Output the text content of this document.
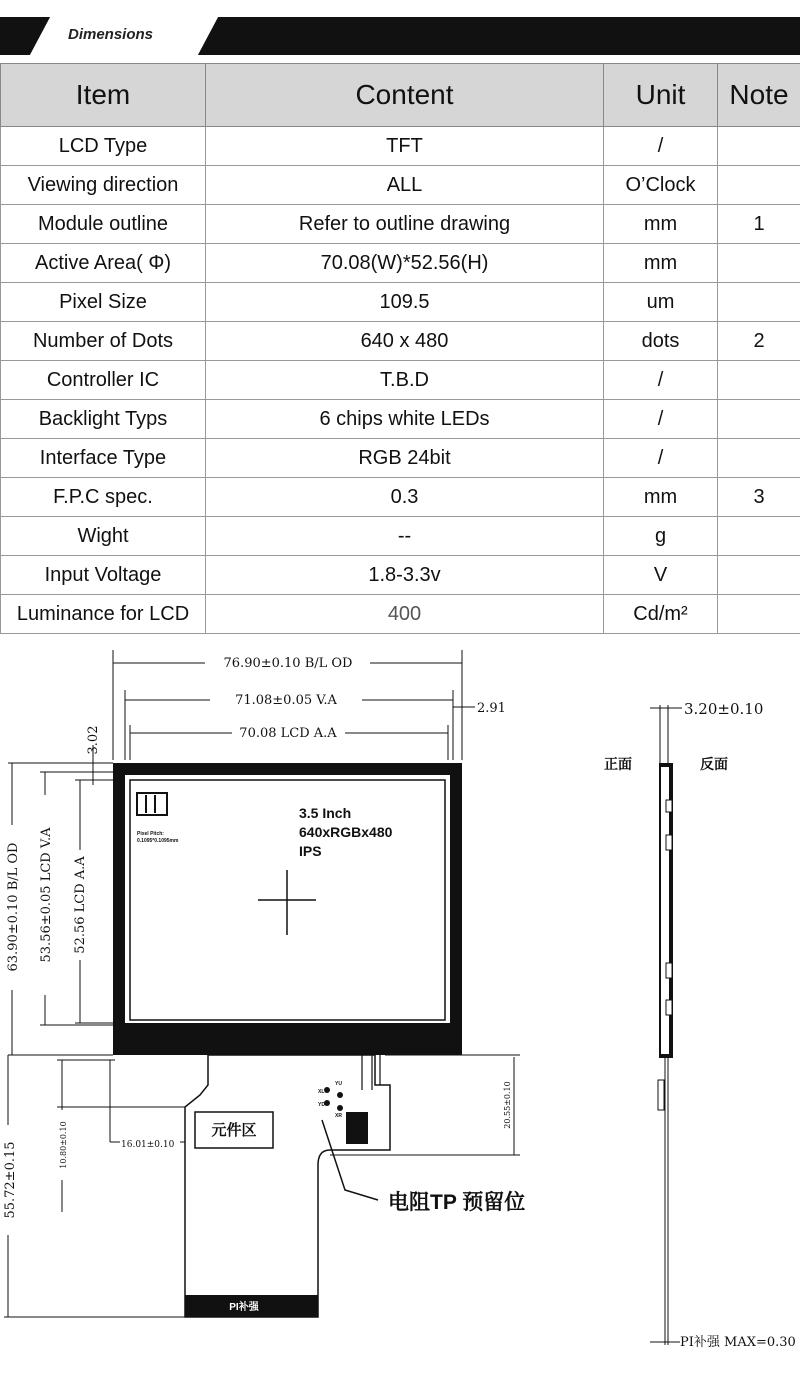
Dimensions
Item	Content	Unit	Note
LCD Type	TFT	/	
Viewing direction	ALL	O’Clock	
Module outline	Refer to outline drawing	mm	1
Active Area( Φ)	70.08(W)*52.56(H)	mm	
Pixel Size	109.5	um	
Number of Dots	640 x 480	dots	2
Controller IC	T.B.D	/	
Backlight Typs	6 chips white LEDs	/	
Interface Type	RGB 24bit	/	
F.P.C spec.	0.3	mm	3
Wight	--	g	
Input Voltage	1.8-3.3v	V	
Luminance for LCD	400	Cd/m²	
76.90±0.10 B/L OD
71.08±0.05 V.A
70.08 LCD A.A
2.91
3.02
63.90±0.10 B/L OD 53.56±0.05 LCD V.A 52.56 LCD A.A
55.72±0.15	16.01±0.10
10.80±0.10
20.55±0.10
3.5 Inch
640xRGBx480
IPS
Pixel Pitch:
0.1095*0.1095mm
元件区
电阻TP 预留位
PI补强
XL
YD
YU
XR
3.20±0.10
正面	反面
PI补强 MAX=0.30
